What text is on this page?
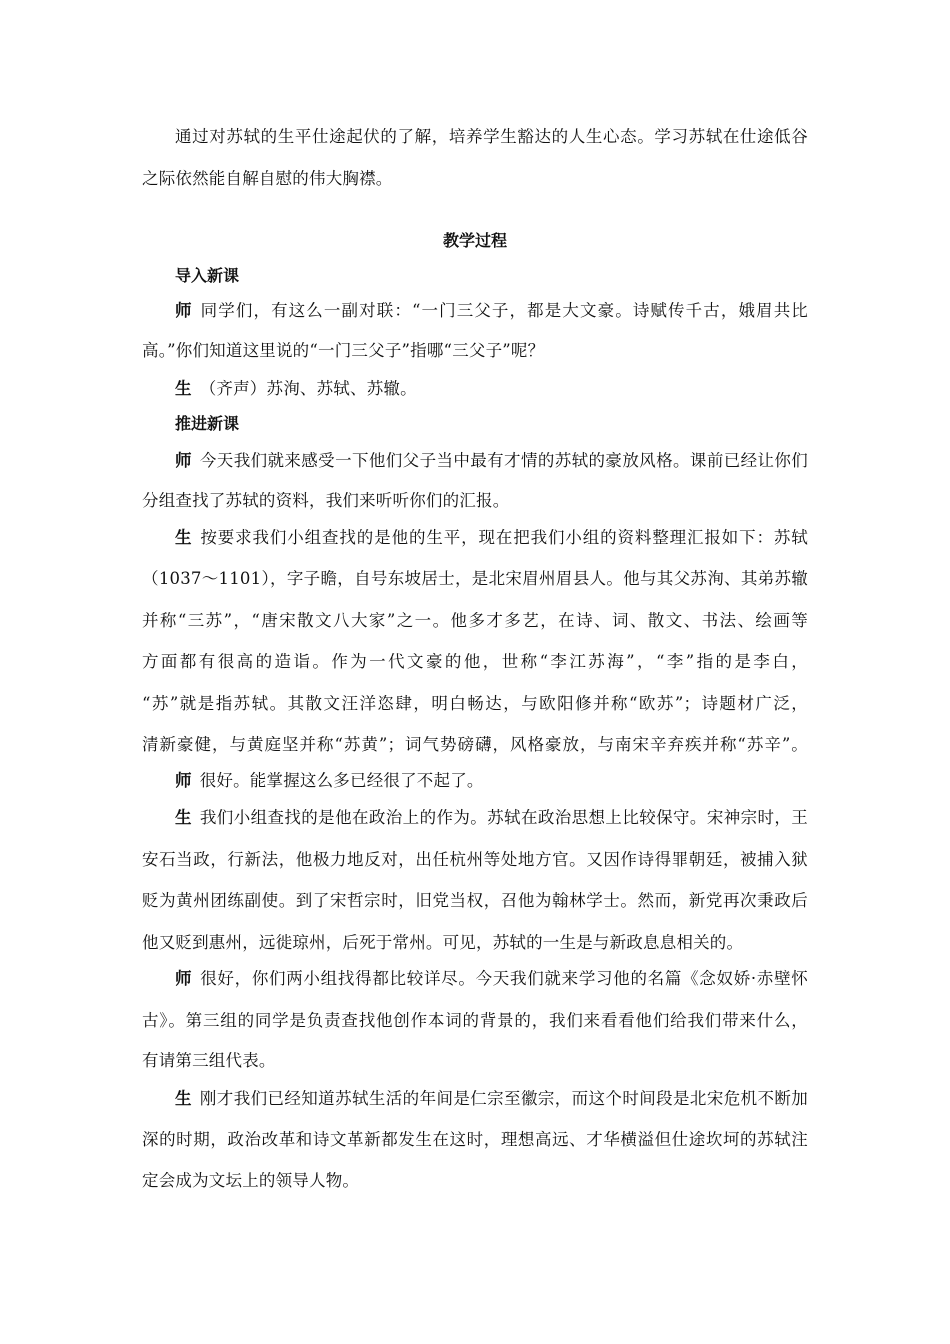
通过对苏轼的生平仕途起伏的了解，培养学生豁达的人生心态。学习苏轼在仕途低谷
之际依然能自解自慰的伟大胸襟。
教学过程
导入新课
师 同学们，有这么一副对联：“一门三父子，都是大文豪。诗赋传千古，娥眉共比
高。”你们知道这里说的“一门三父子”指哪“三父子”呢？
生 （齐声）苏洵、苏轼、苏辙。
推进新课
师 今天我们就来感受一下他们父子当中最有才情的苏轼的豪放风格。课前已经让你们
分组查找了苏轼的资料，我们来听听你们的汇报。
生 按要求我们小组查找的是他的生平，现在把我们小组的资料整理汇报如下：苏轼
（1037～1101），字子瞻，自号东坡居士，是北宋眉州眉县人。他与其父苏洵、其弟苏辙
并称“三苏”，“唐宋散文八大家”之一。他多才多艺，在诗、词、散文、书法、绘画等
方面都有很高的造诣。作为一代文豪的他，世称“李江苏海”，“李”指的是李白，
“苏”就是指苏轼。其散文汪洋恣肆，明白畅达，与欧阳修并称“欧苏”；诗题材广泛，
清新豪健，与黄庭坚并称“苏黄”；词气势磅礴，风格豪放，与南宋辛弃疾并称“苏辛”。
师 很好。能掌握这么多已经很了不起了。
生 我们小组查找的是他在政治上的作为。苏轼在政治思想上比较保守。宋神宗时，王
安石当政，行新法，他极力地反对，出任杭州等处地方官。又因作诗得罪朝廷，被捕入狱
贬为黄州团练副使。到了宋哲宗时，旧党当权，召他为翰林学士。然而，新党再次秉政后
他又贬到惠州，远徙琼州，后死于常州。可见，苏轼的一生是与新政息息相关的。
师 很好，你们两小组找得都比较详尽。今天我们就来学习他的名篇《念奴娇·赤壁怀
古》。第三组的同学是负责查找他创作本词的背景的，我们来看看他们给我们带来什么，
有请第三组代表。
生 刚才我们已经知道苏轼生活的年间是仁宗至徽宗，而这个时间段是北宋危机不断加
深的时期，政治改革和诗文革新都发生在这时，理想高远、才华横溢但仕途坎坷的苏轼注
定会成为文坛上的领导人物。
